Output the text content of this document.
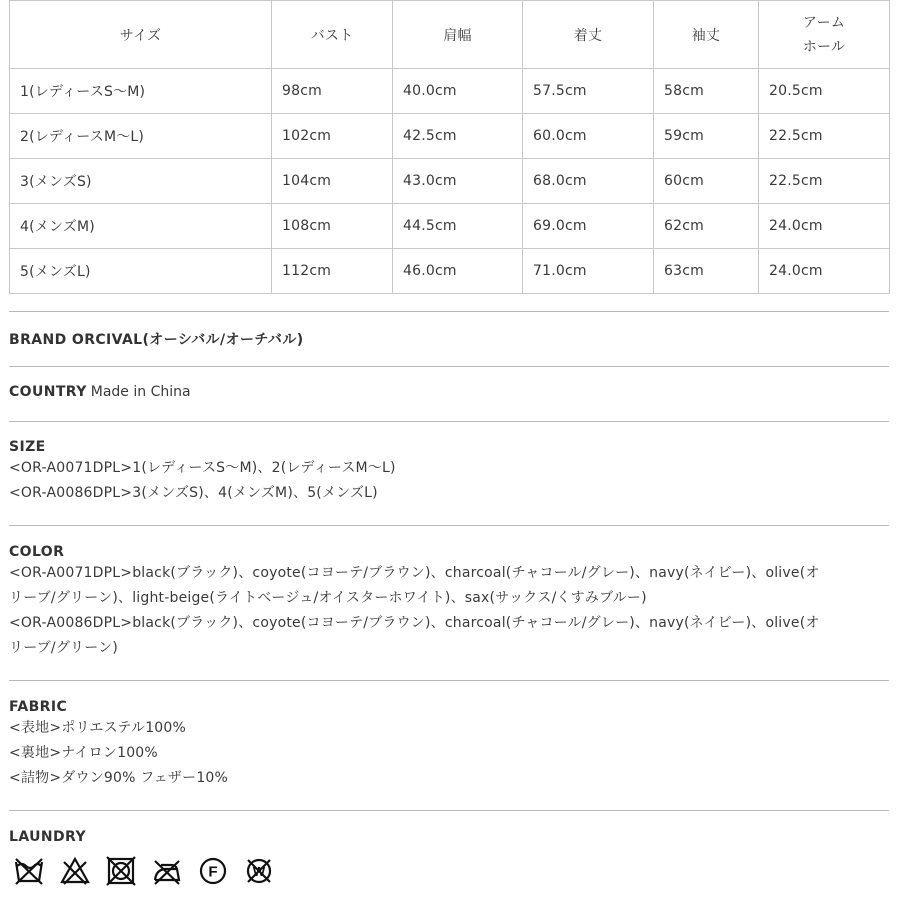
サイズ	バスト	肩幅	着丈	袖丈	アーム
ホール
1(レディースS～M)	98cm	40.0cm	57.5cm	58cm	20.5cm
2(レディースM～L)	102cm	42.5cm	60.0cm	59cm	22.5cm
3(メンズS)	104cm	43.0cm	68.0cm	60cm	22.5cm
4(メンズM)	108cm	44.5cm	69.0cm	62cm	24.0cm
5(メンズL)	112cm	46.0cm	71.0cm	63cm	24.0cm
BRAND ORCIVAL(オーシバル/オーチバル)
COUNTRY Made in China
SIZE
<OR-A0071DPL>1(レディースS～M)、2(レディースM～L)
<OR-A0086DPL>3(メンズS)、4(メンズM)、5(メンズL)
COLOR
<OR-A0071DPL>black(ブラック)、coyote(コヨーテ/ブラウン)、charcoal(チャコール/グレー)、navy(ネイビー)、olive(オ
リーブ/グリーン)、light-beige(ライトベージュ/オイスターホワイト)、sax(サックス/くすみブルー)
<OR-A0086DPL>black(ブラック)、coyote(コヨーテ/ブラウン)、charcoal(チャコール/グレー)、navy(ネイビー)、olive(オ
リーブ/グリーン)
FABRIC
<表地>ポリエステル100%
<裏地>ナイロン100%
<詰物>ダウン90% フェザー10%
LAUNDRY
F	W
